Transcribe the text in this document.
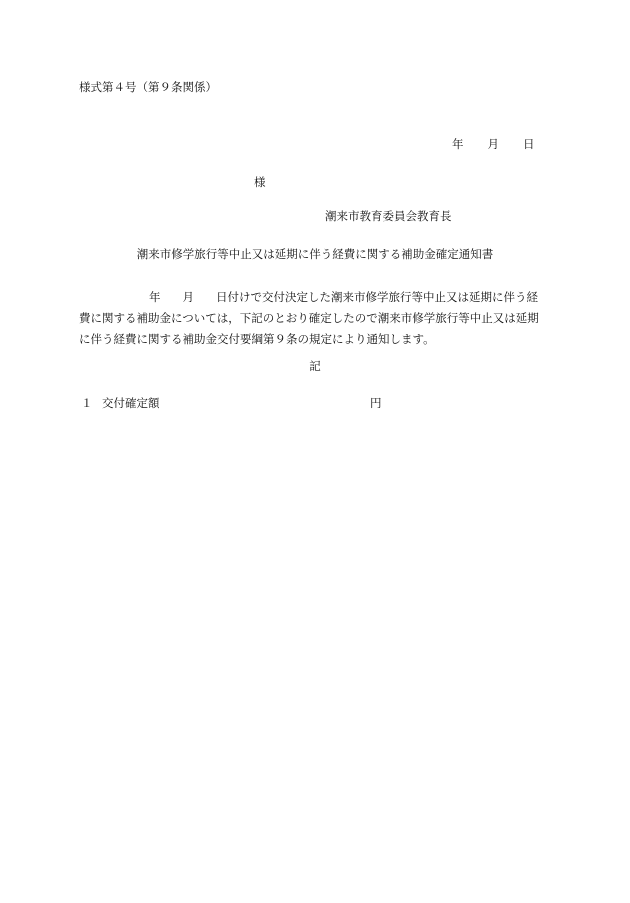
様式第４号（第９条関係）
年 月 日
様
潮来市教育委員会教育長
潮来市修学旅行等中止又は延期に伴う経費に関する補助金確定通知書
年 月 日付けで交付決定した潮来市修学旅行等中止又は延期に伴う経
費に関する補助金については，下記のとおり確定したので潮来市修学旅行等中止又は延期
に伴う経費に関する補助金交付要綱第９条の規定により通知します。
記
１ 交付確定額	円
